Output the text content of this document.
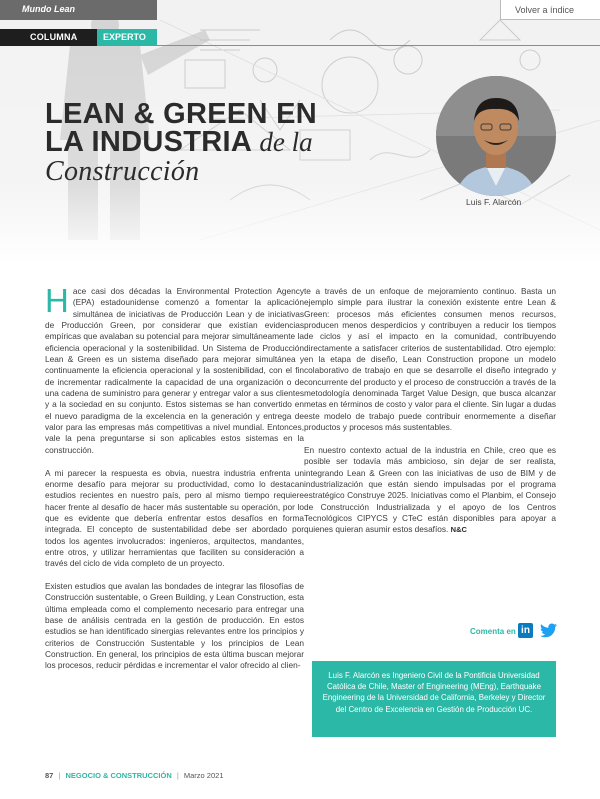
Mundo Lean	Volver a índice
COLUMNA	EXPERTO
LEAN & GREEN EN
LA INDUSTRIA de la
Construcción
Luis F. Alarcón

Hace casi dos décadas la Environmental Protection Agency (EPA) estadounidense comenzó a fomentar la aplicación simultánea de iniciativas de Producción Lean y de iniciativas de Producción Green, por considerar que existían evidencias empíricas que avalaban su potencial para mejorar simultáneamente la eficiencia operacional y la sostenibilidad. Un Sistema de Producción Lean & Green es un sistema diseñado para mejorar simultánea y continuamente la eficiencia operacional y la sostenibilidad, con el fin de incrementar radicalmente la capacidad de una organización o de una cadena de suministro para generar y entregar valor a sus clientes y a la sociedad en su conjunto. Estos sistemas se han convertido en el nuevo paradigma de la excelencia en la generación y entrega de valor para las empresas más competitivas a nivel mundial. Entonces, vale la pena preguntarse si son aplicables estos sistemas en la construcción.

A mi parecer la respuesta es obvia, nuestra industria enfrenta un enorme desafío para mejorar su productividad, como lo destacan estudios recientes en nuestro país, pero al mismo tiempo requiere hacer frente al desafío de hacer más sustentable su operación, por lo que es evidente que debería enfrentar estos desafíos en forma integrada. El concepto de sustentabilidad debe ser abordado por todos los agentes involucrados: ingenieros, arquitectos, mandantes, entre otros, y utilizar herramientas que faciliten su consideración a través del ciclo de vida completo de un proyecto.

Existen estudios que avalan las bondades de integrar las filosofías de Construcción sustentable, o Green Building, y Lean Construction, esta última empleada como el complemento necesario para entregar una base de análisis centrada en la gestión de producción. En estos estudios se han identificado sinergias relevantes entre los principios y criterios de Construcción Sustentable y los principios de Lean Construction. En general, los principios de esta última buscan mejorar los procesos, reducir pérdidas e incrementar el valor ofrecido al clien-

te a través de un enfoque de mejoramiento continuo. Basta un ejemplo simple para ilustrar la conexión existente entre Lean & Green: procesos más eficientes consumen menos recursos, producen menos desperdicios y contribuyen a reducir los tiempos de ciclos y así el impacto en la comunidad, contribuyendo directamente a satisfacer criterios de sustentabilidad. Otro ejemplo: en la etapa de diseño, Lean Construction propone un modelo colaborativo de trabajo en que se desarrolle el diseño integrado y concurrente del producto y el proceso de construcción a través de la metodología denominada Target Value Design, que busca alcanzar metas en términos de costo y valor para el cliente. Sin lugar a dudas este modelo de trabajo puede contribuir enormemente a diseñar productos y procesos más sustentables.

En nuestro contexto actual de la industria en Chile, creo que es posible ser todavía más ambicioso, sin dejar de ser realista, integrando Lean & Green con las iniciativas de uso de BIM y de industrialización que están siendo impulsadas por el programa estratégico Construye 2025. Iniciativas como el Planbim, el Consejo de Construcción Industrializada y el apoyo de los Centros Tecnológicos CIPYCS y CTeC están disponibles para apoyar a quienes quieran asumir estos desafíos. N&C

Comenta en in

Luis F. Alarcón es Ingeniero Civil de la Pontificia Universidad Católica de Chile, Master of Engineering (MEng), Earthquake Engineering de la Universidad de California, Berkeley y Director del Centro de Excelencia en Gestión de Producción UC.

87 | NEGOCIO & CONSTRUCCIÓN | Marzo 2021
